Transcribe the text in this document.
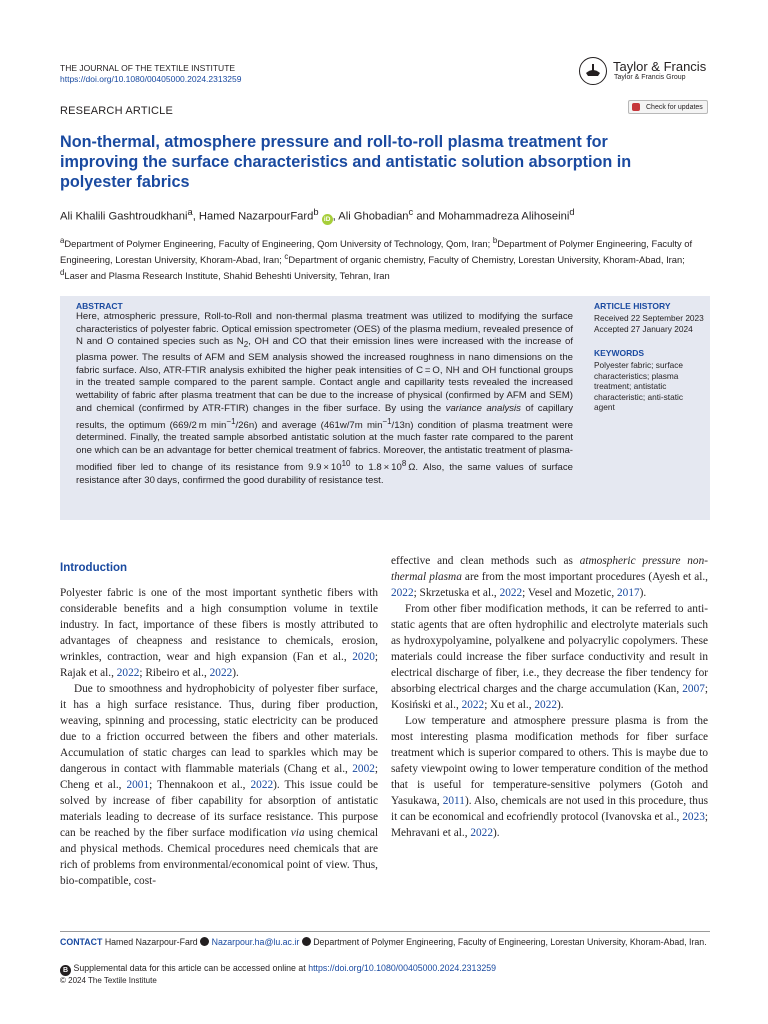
THE JOURNAL OF THE TEXTILE INSTITUTE
https://doi.org/10.1080/00405000.2024.2313259
Taylor & Francis
Taylor & Francis Group
RESEARCH ARTICLE	Check for updates
Non-thermal, atmosphere pressure and roll-to-roll plasma treatment for improving the surface characteristics and antistatic solution absorption in polyester fabrics
Ali Khalili Gashtroudkhani$^a$, Hamed NazarpourFard$^b$ iD , Ali Ghobadian$^c$ and Mohammadreza Alihoseini$^d$
$^a$Department of Polymer Engineering, Faculty of Engineering, Qom University of Technology, Qom, Iran; $^b$Department of Polymer Engineering, Faculty of Engineering, Lorestan University, Khoram-Abad, Iran; $^c$Department of organic chemistry, Faculty of Chemistry, Lorestan University, Khoram-Abad, Iran; $^d$Laser and Plasma Research Institute, Shahid Beheshti University, Tehran, Iran
ABSTRACT
Here, atmospheric pressure, Roll-to-Roll and non-thermal plasma treatment was utilized to modifying the surface characteristics of polyester fabric. Optical emission spectrometer (OES) of the plasma medium, revealed presence of N and O contained species such as $N_2$, OH and CO that their emission lines were increased with the increase of plasma power. The results of AFM and SEM analysis showed the increased roughness in nano dimensions on the fabric surface. Also, ATR-FTIR analysis exhibited the higher peak intensities of C = O, NH and OH functional groups in the treated sample compared to the parent sample. Contact angle and capillarity tests revealed the increased wettability of fabric after plasma treatment that can be due to the increase of physical (confirmed by AFM and SEM) and chemical (confirmed by ATR-FTIR) changes in the fiber surface. By using the variance analysis of capillary results, the optimum (669/2 m $\min^{-1}/26n$) and average (461w/7m $\min^{-1}/13n$) condition of plasma treatment were determined. Finally, the treated sample absorbed antistatic solution at the much faster rate compared to the parent one which can be an advantage for better chemical treatment of fabrics. Moreover, the antistatic treatment of plasma-modified fiber led to change of its resistance from $9.9 \times 10^{10}$ to $1.8 \times 10^8$ Ω. Also, the same values of surface resistance after 30 days, confirmed the good durability of resistance test.
ARTICLE HISTORY
Received 22 September 2023
Accepted 27 January 2024
KEYWORDS
Polyester fabric; surface characteristics; plasma treatment; antistatic characteristic; anti-static agent
Introduction

Polyester fabric is one of the most important synthetic fibers with considerable benefits and a high consumption volume in textile industry. In fact, importance of these fibers is mostly attributed to advantages of cheapness and resistance to chemicals, erosion, wrinkles, contraction, wear and high expansion (Fan et al., 2020; Rajak et al., 2022; Ribeiro et al., 2022).

Due to smoothness and hydrophobicity of polyester fiber surface, it has a high surface resistance. Thus, during fiber production, weaving, spinning and processing, static electricity can be produced due to a friction occurred between the fibers and other materials. Accumulation of static charges can lead to sparkles which may be dangerous in contact with flammable materials (Chang et al., 2002; Cheng et al., 2001; Thennakoon et al., 2022). This issue could be solved by increase of fiber capability for absorption of antistatic materials leading to decrease of its surface resistance. This purpose can be reached by the fiber surface modification via using chemical and physical methods. Chemical procedures need chemicals that are rich of problems from environmental/economical point of view. Thus, bio-compatible, cost-

effective and clean methods such as atmospheric pressure non-thermal plasma are from the most important procedures (Ayesh et al., 2022; Skrzetuska et al., 2022; Vesel and Mozetic, 2017).

From other fiber modification methods, it can be referred to anti-static agents that are often hydrophilic and electrolyte materials such as hydroxypolyamine, polyalkene and polyacrylic copolymers. These materials could increase the fiber surface conductivity and result in electrical discharge of fiber, i.e., they decrease the fiber tendency for absorbing electrical charges and the charge accumulation (Kan, 2007; Kosiński et al., 2022; Xu et al., 2022).

Low temperature and atmosphere pressure plasma is from the most interesting plasma modification methods for fiber surface treatment which is superior compared to others. This is maybe due to safety viewpoint owing to lower temperature condition of the method that is useful for temperature-sensitive polymers (Gotoh and Yasukawa, 2011). Also, chemicals are not used in this procedure, thus it can be economical and ecofriendly protocol (Ivanovska et al., 2023; Mehravani et al., 2022).

CONTACT Hamed Nazarpour-Fard Nazarpour.ha@lu.ac.ir Department of Polymer Engineering, Faculty of Engineering, Lorestan University, Khoram-Abad, Iran.
B Supplemental data for this article can be accessed online at https://doi.org/10.1080/00405000.2024.2313259
© 2024 The Textile Institute
